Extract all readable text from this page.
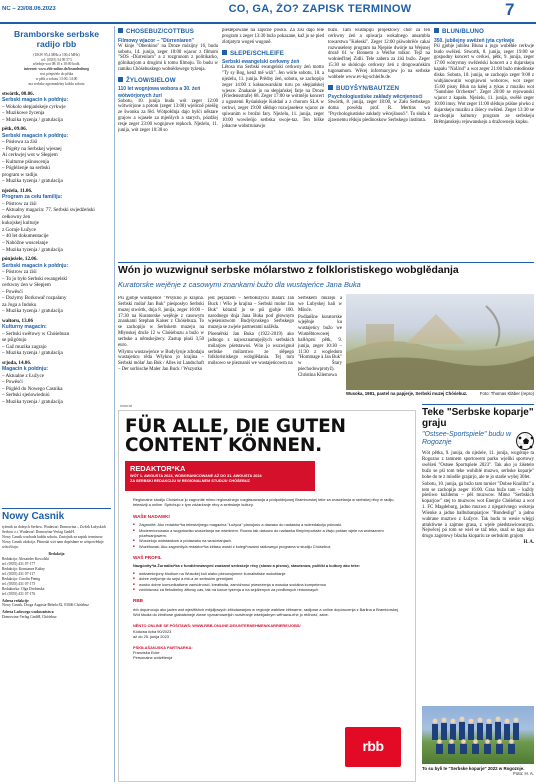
NC – 23/08.06.2023	CO, GA, ŽO? ZAPISK TERMINOW	7
Bramborske serbske radijo rbb
(UKW 95,4 MHz a 100,4 MHz)
tel. (0355) 54 99 573
wšednje wot 08:10 a 18:00 hodź.
internet: www.rbb-online.de/brandenburg
wot pónjeźele do pětka
w pětk a sobotu 13:00–14:00
ma serbske zgromadźiny kóždu sobotu
stwórtk, 08.06.
Serbski magacin k połdnju:
– Wokolo słepjańskeje cyrkwje
– Muzikowe žycenja
– Muzika tyzenja / gratulacija
pětk, 09.06.
Serbski magacin k połdnju:
– Pósłowa za źiśi
– Pógéty na Serbskej wjesnej
Ai cerkwjej wot w Słepjem
– Kulturne pśinoscenja
– Pógléźenje na serbski
program w radiju
– Muzika tyzenja / gratulacija
njeźela, 11.06.
Program za cełu familiju:
– Póstrow za źiśi
– Aktualny magacin: 77. Serbski swjedźeński cełkowny źen
kukojskej kulturje
z Gornje Łužyce
– 40 let dokumentacije
– Nabóžne wuscelanje
– Muzika tyzenja / gratulacija
pónjeźele, 12.06.
Serbski magacin k połdnju:
– Póstrow za źiśi
– To jo było Serbski ewangelski
cerkwny źen w Słepjem
– Powěsći
– Dożymy Borkowař rozpalany
za Joga a Indoku
– Muzika tyzenja / gratulacija
wałtoru, 13.06
Kulturny magacin:
– Serbski swětowy w Chóśebuzu
se pśigótujo
– Gaž muzika zagrajo
– Muzika tyzenja / gratulacija
srjoda, 14.06.
Magacin k połdnju:
– Aktualne z Łužyce
– Powěsći
– Pógléd do Nowego Casnika
– Serbski sjeńowiedniú
– Muzika tyzenja / gratulacija
Nowy Casnik
tyźenik za dolnych Serbow. Wudawaŕ: Domowina – Zwězk Łužyskich Serbow z.t. Wudawaŕ: Domowina-Verlag GmbH.
Nowy Casnik wuchada kuždu sobotu. Zastojnik za zapisk terminow: Nowy Casnik rdakcija. Pśinoski wót nam dopósłane se wótpowědnje wótcišćaju.
Redakcija
Redakcija: Alexander Kowolski
tel. (0355) 431 07-177
Redakcija: Konstanze Kaltzy
tel. (0355) 431 07-117
Redakcija: Carolin Pienig
tel. (0355) 431 07-175
Redaktorka: Olga Drobinska
tel. (0355) 431 07-176
Adresa redakcije
Nowy Casnik, Droga Augusta-Bebela 82, 03046 Chóśebuz
Adresa Lodowego wudawaństwa
Domowina-Verlag GmbH, Chóśebuz
CHÓŚEBUZ/COTTBUS
Filmowy wjacor – "Dürrenlaren"

W kinje "Obenkino" na Droze mózijny 16, budu sobotu, 14. junija, zeger 18:00 wjacor z filmom "SOS -Dürrenlarn" a z rozgronom z politikarko, gólnikarjom a drugimi k tomu filmoju. To budu w ramiku Chóśebuskego wobsědowego tyźenja.

ŽYLOW/SIELOW
110 let wognjowa wobora a 30. źeń wótwórjonych źurí

Sobotu, 10. junija budu wót zeger 12:00 wótwórjone a pótom (zeger 13:00) wjelicně pśeśěg ze šwonku za řěd. Wótpołdnja dajo hyšći něktare grajow a wjasele za mjeńšych a starych, pózdźej resje zeger 23:00 wognjowe repkoch. Njeźelu, 11. junija, wót zeger 10:30 so

pieślěpowane na zajšćne píwko. Za źiśi dajo tele program z zeger 13:30 bužo pokazane, kaž jo se pied zlotjatym wogeń wugoně.

SŁEPE/SCHLEIFE
Serbski ewangelski cerkwny źeń

Lětosa ma Serbski ewangelski cerkwny źeń motto "Ty sy Bog, kenž mě wiźi". Jen wórle sobotu, 10. a njeźelu, 11. junija. Prědny źeń, sobotu, se zachopijo zeger 14:00 z kołasowarskim turu po słepjańskej wjesce. Znakanie jo na słepjańskej farje na Droze (Friedensstrafe) 68. Zeger 17:00 se wótmějo koncert z ugustemi Ryśańskeje Kołdań a z chorom SLA w cerkwi, zeger 19:00 slědujo rozwjasełece wjacor ze spiwanim w brožni fary. Njeźelu, 11. junija, zeger 10:00 wowšeńjo serbska swoje-taz. Ten biške jobacne wobstrunawjo

bužo. Tam wustupiju projektowy chor za ten cerkwny źeń a spiwarja wokalnego ansambla towarstwa "Kołeski". Zeger 12:00 pśiwobrěće cakai rozwuseleny program na Njepiśe dwórje na Wejsnej drozě 61 w Bonnem a Weifse tolkor. Tejž na wołnieďlnej Zidli. Tele zabera za źiśi bužo. Zeger 15:30 se skóńcujo cerkwny źeń z drogowańskim tugonamom. Wěcej informacyjow jo na serbske wobbele www.ev-kg-schleife.de.

BUDYŠYN/BAUTZEN
Psychologiustiske zakłady wěcnjenosći

Stwórtk, 8. junija, zeger 18:00, w Zału Serbskego doma powěda prof. R. Mertins wo "Psychologiustiske zakłady wěcejšnosći". To słuša k zjawnemu rědoju piedinoskow Serbskego instituta.

BLUN/BLUNO
350. jubilejny swěźeń jyta cyrkwje

Pśi gjobje jubilea Bluna a jogo wuběhłe cerkwje budo swěźeń. Stwortk, 8. junija, zeger 19:00 se gospodny koncert w cerkwi, pětk, 9. junija, zeger 17:00 wótrymny swěźeński koncert a z dujarskeju kapału "NaUnd" a wot zeger 21:00 bužo młodinske disko. Sobota, 10. junija, se zachopjo zeger 9:00 z wubjánowatin wognjowni woborow, wot zeger 15:00 pisny Blun na kałej a tykas z muziku wot "Sunshine Orchester". Zeger 20:00 se rejowanski wjacor z kapału. Njeźelu, 11. junija, swěšé zeger 10:00 imsy. Wot zeger 11:00 slědujo pśiśne piwko z dujarskeju muziku a źiśecy swěźeń. Zeger 13:30 se za-chopijo kulturny program ze serbskeju Brětnjanskeju rejowanskeju a dražowneju kupku.

Wón jo wuzwignuł serbske mólarstwo z folkloristiskego wobglědanja
Kuratorske wejěnje z casowymi znankami bužo dla wustajeńce Jana Buka

Pśi gjobje wustajeńce "Wšykno jo krajina. Serbski mólaŕ Jan Buk" pieśposłyo Serbski muzej stwórtk, dnja 8. junija, zeger 16:00 – 17:30 na Kuratorske wejěnje z casowym znankami Stephan Kaiser z Chóśebuza. To se zachopijo w Serbskem muzeju na Młynskej drože 12 w Chóśebuzu a bužo w serbske a němskejżecy. Zastup płaśi 3,50 euro.

Wšymu wustawjeńce w Budyšynje zdrodaju wustajeńcu rěda Wšykno jo krajina – Serbski mólaŕ Jan Buk / Alles ist Landschaft – Der sorbische Maler Jan Buck / Wszystko

jest pejzażem – Serbołužycki malarz Jan Buck / Wšo je krajina – Serbski molor Jan Buk" kótaraž jo se pśi gjobje 100. narodnego dnja Jana Buka pod głownym wjeśenistwom Budyšynskego Serbskego muzeja se zwjele partnerami nažěsla.

Pioenéŕski Jan Buka (1922-2019) ako jadnogo z najwuznamnjejšych serbskich mólarjow pśetstawoś. Wón jo wuzwignuł serbske mólarstwo ze słěpego folkloristiskego wobglědania. Tej tom mólsowo se pieznaniś we wustajeńcowm na

Serbskem muzeju a we Lubyskej hali w Mšuće.

Podlańšne kuratorske wjejěnje ku wustajeńcy bužo we Wuměbtowowej halł/sprsi pětk, 9. junija, zeger 10:30 – 11:30 z wogledom "Hommage à Jan Buk" w Štary pśechodowprotyž). Christina Kliemowa

Wusoka, 1981, pastel na papjerje, Serbski muzej Chóśebuz.	Foto: Thomas Kläber (repro)
inserat
FÜR ALLE, DIE GUTEN
CONTENT KÖNNEN.
REDAKTOR*KA
WÓT 1. AWGUSTA 2023, WOBGRANICOWANE AŽ DO 31. AWGUSTA 2024
ZA SERBSKI REDAKCIJU W REGIONALNEM STUDIJU CHÓŚEBUZ
Regionalne studijo Chóśebuz jo zagronite mimo regionalnego rozgłasowanja a pódpołdnjowej Bramborskej teke za wusćelanja w serbskej rěcy w radiju, telewiziji a online. Spěchujo z tym zdźaržanje rěcy a serbskeje kultury.
WAŠE NADAWKI
■ Zagronité: Ako redaktor*ka telewizijnego magacina "Łužyca" planujośo a dawaśo do nadawka a wótredakcijo pśinoski.
■ Modereriorowaśo a wugotowiśo wusćelanja we wšednem. Rowno tak daśowo do nadawka filmy/reportaže a žiwjo póśtan wjele na wobraznem pózěwanjowem.
■ Wusćelujo wótstawkow a pódawaśo na wusćelanjach.
■ Wuzěłowaś: Ako zagronity/a redaktor*ka źěłaśo wuski z kolegi*owami radiowego programa w studiju Chóśebuz.
WAŠ PROFIL
Nazgónity*ia Žurnalist*ka z fundiěrowanymi znaśami serbskeje rěcy (słowo a pismo), stawiznow, politiki a kultury ako teke:
■ wótzamknjony študium na Wusokej šuli a/abo pśirowujomne žurnalistiske wukubłanje
■ dobre znějomje do sejsi a rbb-a ze serbskim gremijami
■ wusko dobre komunikatiwne zamóžnosći, kreatiwita, zamóžnosć pśeseźenja a wusoka sociálna kompetenca
■ zwólniwosć za fleksibelny źěłowy cas, tak na kónce tyźenja a na sejdženych za pórđtowych rédownaych
RBB
rbb dopórucujo ako jaden wót wjeśiřiśhch mějdijowych źěłodawarjow w regionje wabliwe żětwarne, radijowe a online dopórucenja z Barlina a Bramborskej. Wót študia do žiměowe glabalstneje źiwne významoweljch rozsěranje wśebjadnym wěhawa-ehe jo rěđnosť, zabe.
NĚNTO ONLINE SE PÓŚITAWŚ: WWW.RBB-ONLINE.DE/UNTERNEHMEN/KARRIERE/JOBS/
Kódowa licba 90/2023
až do 25. junija 2023
PŚIGŁAŠANJSKA PARTNARKA:
Franziska Ecke
Personalne wótźělenja
rbb
Teke "Serbske koparje" graju
"Ostsee-Sportspiele" budu w Rogoznje

Wót pětka, 9. junija, do njeźele, 11. junija, wugótuje ta Rogozno z tamnem sportowem parku wjelikí sportowy swěźeń "Ostsee Sportspiele 2023". Tak ako jo źiśetelo bužo se pśi tom teke wohiblé muzwo, serbske koparje" bohe do te z mlodše grajarjo, ale te jo starše wyšej 30let.

Sobotu, 10. junija, ga bužo tam turnier "Dobse Knullitz" a tem se zachopijo zeger 16:00. Graa bužo tam – kuždy pśeśiwo kuždemu – pěś muzwow. Mimo "Serbskich koparjow" stej to muzwow wot Energie Chóśebuz a wot 1. FC Magdeburg, jadno muzwo z njegativnego wokreja Wienke a jadno balbubanpiarjow "Bundesligi" a jadno wubrane muztwo z Łužyce. Tak budu to wesie wlejgi atraktiwne a zajmne grasa, z wjele pśedstawiowanym. Nejwěcej pó tom se wiel se taž teke, snaž se tago ako drugo zagotowy bšacha kiopariu ze serbskim grajom

H. A.
To su byli te "Serbske koparje" 2022 w Rogoznje.
Foto: H. A.
